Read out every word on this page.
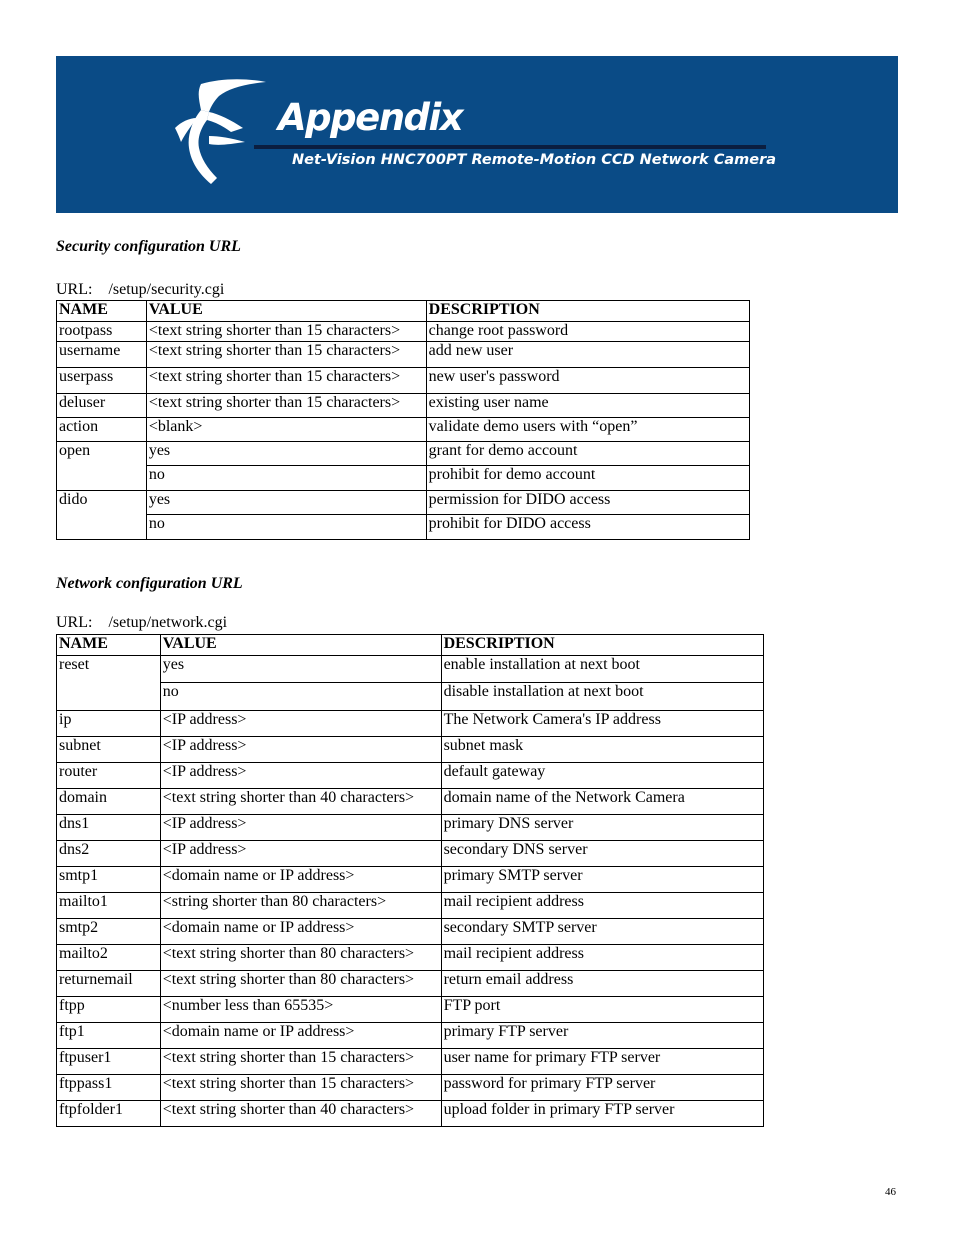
Appendix
Net-Vision HNC700PT Remote-Motion CCD Network Camera
Security configuration URL
URL: /setup/security.cgi
NAME	VALUE	DESCRIPTION
rootpass	<text string shorter than 15 characters>	change root password
username	<text string shorter than 15 characters>	add new user
userpass	<text string shorter than 15 characters>	new user's password
deluser	<text string shorter than 15 characters>	existing user name
action	<blank>	validate demo users with “open”
open	yes	grant for demo account
	no	prohibit for demo account
dido	yes	permission for DIDO access
	no	prohibit for DIDO access
Network configuration URL
URL: /setup/network.cgi
NAME	VALUE	DESCRIPTION
reset	yes	enable installation at next boot
	no	disable installation at next boot
ip	<IP address>	The Network Camera's IP address
subnet	<IP address>	subnet mask
router	<IP address>	default gateway
domain	<text string shorter than 40 characters>	domain name of the Network Camera
dns1	<IP address>	primary DNS server
dns2	<IP address>	secondary DNS server
smtp1	<domain name or IP address>	primary SMTP server
mailto1	<string shorter than 80 characters>	mail recipient address
smtp2	<domain name or IP address>	secondary SMTP server
mailto2	<text string shorter than 80 characters>	mail recipient address
returnemail	<text string shorter than 80 characters>	return email address
ftpp	<number less than 65535>	FTP port
ftp1	<domain name or IP address>	primary FTP server
ftpuser1	<text string shorter than 15 characters>	user name for primary FTP server
ftppass1	<text string shorter than 15 characters>	password for primary FTP server
ftpfolder1	<text string shorter than 40 characters>	upload folder in primary FTP server
46
